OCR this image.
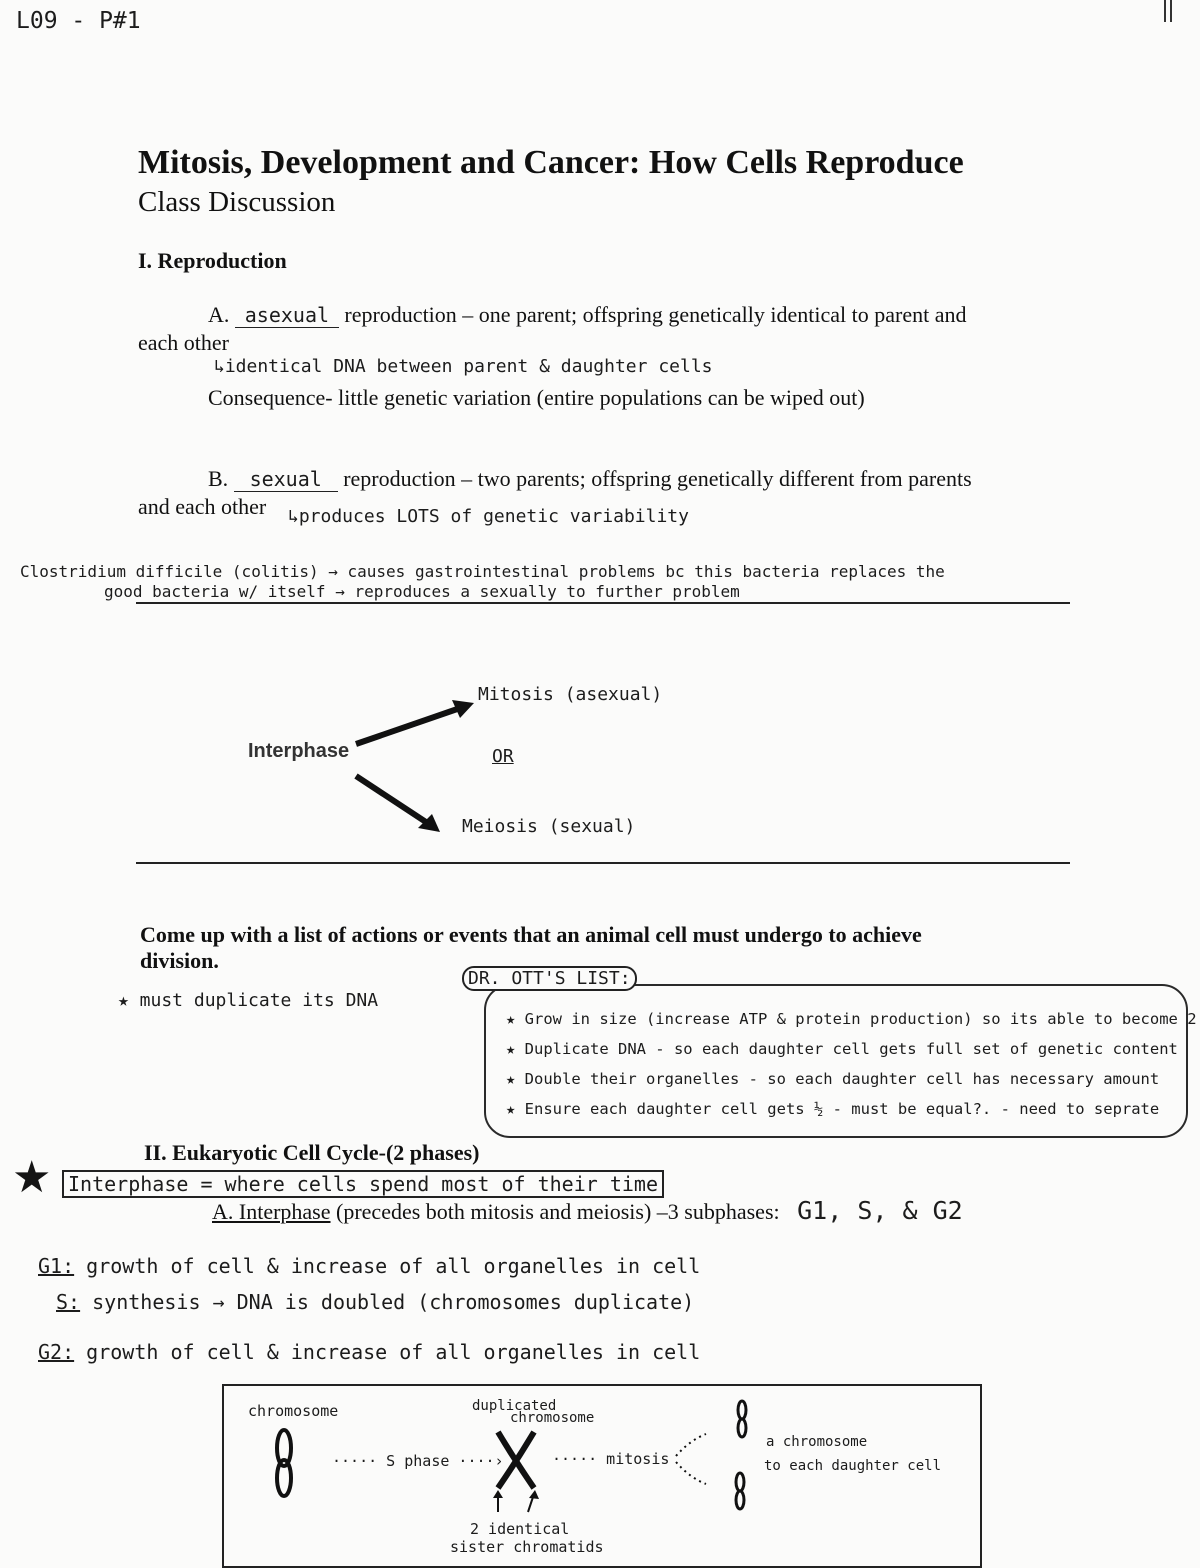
L09 - P#1
Mitosis, Development and Cancer: How Cells Reproduce
Class Discussion
I. Reproduction
A. asexual reproduction – one parent; offspring genetically identical to parent and
each other
↳identical DNA between parent & daughter cells
Consequence- little genetic variation (entire populations can be wiped out)
B. sexual reproduction – two parents; offspring genetically different from parents
and each other ↳produces LOTS of genetic variability
Clostridium difficile (colitis) → causes gastrointestinal problems bc this bacteria replaces the
good bacteria w/ itself → reproduces a sexually to further problem
Interphase
Mitosis (asexual)
OR
Meiosis (sexual)
Come up with a list of actions or events that an animal cell must undergo to achieve
division.
★ must duplicate its DNA
DR. OTT'S LIST:
★ Grow in size (increase ATP & protein production) so its able to become 2
★ Duplicate DNA - so each daughter cell gets full set of genetic content
★ Double their organelles - so each daughter cell has necessary amount
★ Ensure each daughter cell gets ½ - must be equal?. - need to seprate
II. Eukaryotic Cell Cycle-(2 phases)
★ Interphase = where cells spend most of their time
A. Interphase (precedes both mitosis and meiosis) –3 subphases: G1, S, & G2
G1: growth of cell & increase of all organelles in cell
S: synthesis → DNA is doubled (chromosomes duplicate)
G2: growth of cell & increase of all organelles in cell
chromosome
····· S phase ····›
duplicated
chromosome
····· mitosis
a chromosome
to each daughter cell
2 identical
sister chromatids
